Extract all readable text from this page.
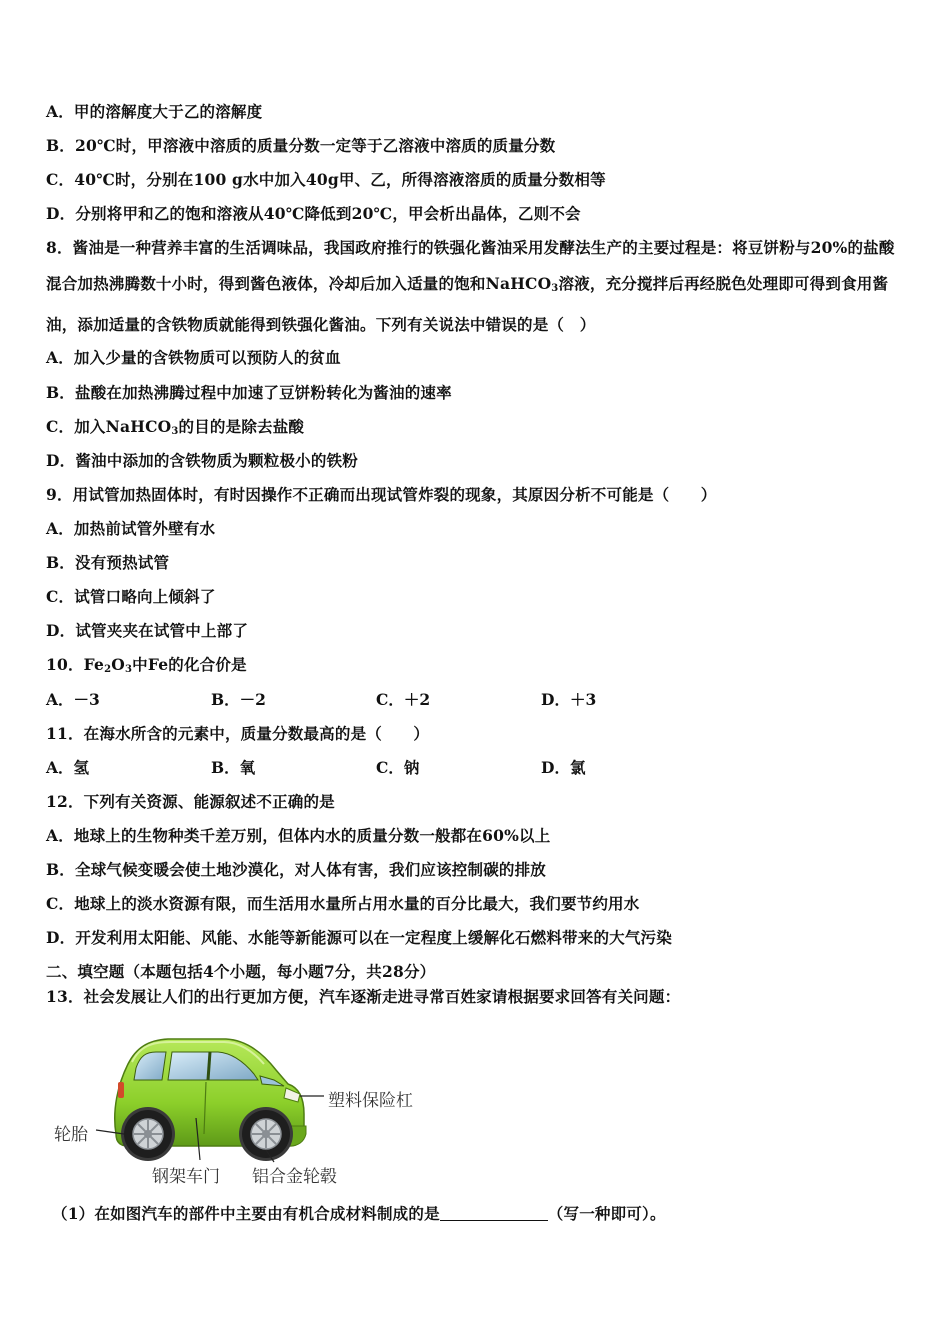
A．甲的溶解度大于乙的溶解度
B．20℃时，甲溶液中溶质的质量分数一定等于乙溶液中溶质的质量分数
C．40℃时，分别在100 g水中加入40g甲、乙，所得溶液溶质的质量分数相等
D．分别将甲和乙的饱和溶液从40℃降低到20℃，甲会析出晶体，乙则不会
8．酱油是一种营养丰富的生活调味品，我国政府推行的铁强化酱油采用发酵法生产的主要过程是：将豆饼粉与20%的盐酸混合加热沸腾数十小时，得到酱色液体，冷却后加入适量的饱和NaHCO$_3$溶液，充分搅拌后再经脱色处理即可得到食用酱油，添加适量的含铁物质就能得到铁强化酱油。下列有关说法中错误的是（　）
A．加入少量的含铁物质可以预防人的贫血
B．盐酸在加热沸腾过程中加速了豆饼粉转化为酱油的速率
C．加入NaHCO$_3$的目的是除去盐酸
D．酱油中添加的含铁物质为颗粒极小的铁粉
9．用试管加热固体时，有时因操作不正确而出现试管炸裂的现象，其原因分析不可能是（　　）
A．加热前试管外壁有水
B．没有预热试管
C．试管口略向上倾斜了
D．试管夹夹在试管中上部了
10．$Fe_2O_3$中Fe的化合价是
A．－3	B．－2	C．＋2	D．＋3
11．在海水所含的元素中，质量分数最高的是（　　）
A．氢	B．氧	C．钠	D．氯
12．下列有关资源、能源叙述不正确的是
A．地球上的生物种类千差万别，但体内水的质量分数一般都在60%以上
B．全球气候变暖会使土地沙漠化，对人体有害，我们应该控制碳的排放
C．地球上的淡水资源有限，而生活用水量所占用水量的百分比最大，我们要节约用水
D．开发利用太阳能、风能、水能等新能源可以在一定程度上缓解化石燃料带来的大气污染
二、填空题（本题包括4个小题，每小题7分，共28分）
13．社会发展让人们的出行更加方便，汽车逐渐走进寻常百姓家请根据要求回答有关问题：
塑料保险杠
轮胎
钢架车门 铝合金轮毂
（1）在如图汽车的部件中主要由有机合成材料制成的是	（写一种即可）。
